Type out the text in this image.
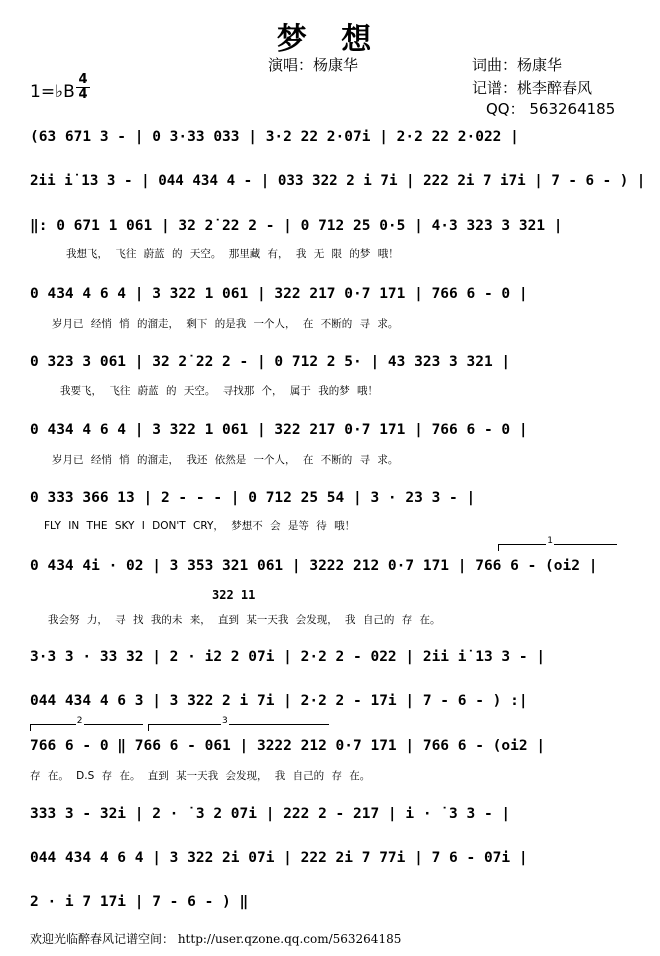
梦 想
演唱：杨康华	词曲：杨康华
记谱：桃李醉春风
QQ： 563264185
1=♭B
4
4
(63 671 3 - | 0 3·33 033 | 3·2 22 2·07i | 2·2 22 2·022 |
2ii i˙13 3 - | 044 434 4 - | 033 322 2 i 7i | 222 2i 7 i7i | 7 - 6 - ) |
‖: 0 671 1 061 | 32 2˙22 2 - | 0 712 25 0·5 | 4·3 323 3 321 |
我想飞， 飞往 蔚蓝 的 天空。 那里藏 有， 我 无 限 的梦 哦！
0 434 4 6 4 | 3 322 1 061 | 322 217 0·7 171 | 766 6 - 0 |
岁月已 经悄 悄 的溜走， 剩下 的是我 一个人， 在 不断的 寻 求。
0 323 3 061 | 32 2˙22 2 - | 0 712 2 5· | 43 323 3 321 |
我要飞， 飞往 蔚蓝 的 天空。 寻找那 个， 属于 我的梦 哦！
0 434 4 6 4 | 3 322 1 061 | 322 217 0·7 171 | 766 6 - 0 |
岁月已 经悄 悄 的溜走， 我还 依然是 一个人， 在 不断的 寻 求。
0 333 366 13 | 2 - - - | 0 712 25 54 | 3 · 23 3 - |
FLY IN THE SKY I DON'T CRY， 梦想不 会 是等 待 哦！
1
0 434 4i · 02 | 3 353 321 061 | 3222 212 0·7 171 | 766 6 - (oi2 |
322 11
我会努 力， 寻 找 我的未 来， 直到 某一天我 会发现， 我 自己的 存 在。
3·3 3 · 33 32 | 2 · i2 2 07i | 2·2 2 - 022 | 2ii i˙13 3 - |
044 434 4 6 3 | 3 322 2 i 7i | 2·2 2 - 17i | 7 - 6 - ) :|
2	3
766 6 - 0 ‖ 766 6 - 061 | 3222 212 0·7 171 | 766 6 - (oi2 |
存 在。 D.S 存 在。 直到 某一天我 会发现， 我 自己的 存 在。
333 3 - 32i | 2 · ˙3 2 07i | 222 2 - 217 | i · ˙3 3 - |
044 434 4 6 4 | 3 322 2i 07i | 222 2i 7 77i | 7 6 - 07i |
2 · i 7 17i | 7 - 6 - ) ‖
欢迎光临醉春风记谱空间： http://user.qzone.qq.com/563264185
